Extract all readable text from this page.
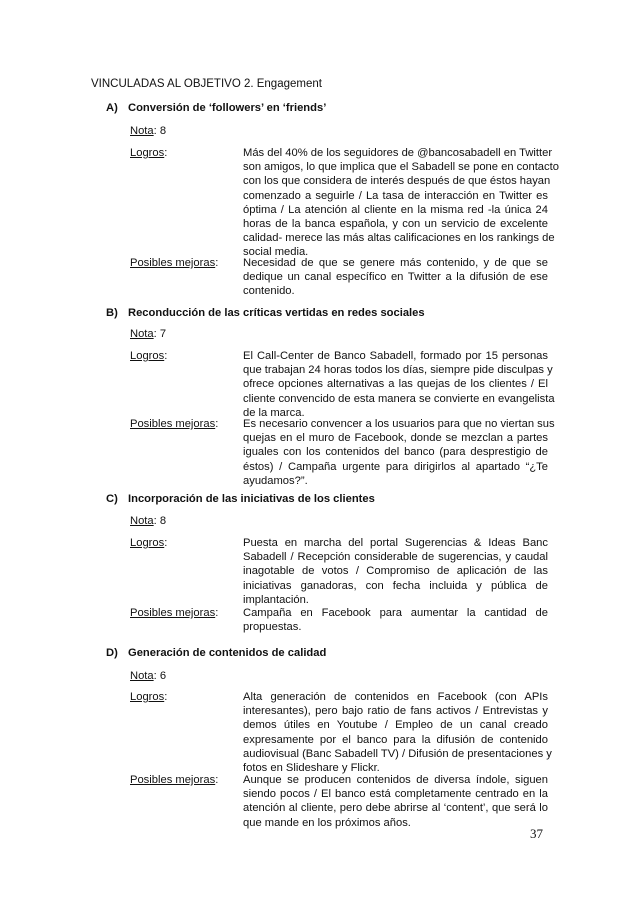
VINCULADAS AL OBJETIVO 2. Engagement
A) Conversión de ‘followers’ en ‘friends’
Nota: 8
Logros:	Más del 40% de los seguidores de @bancosabadell en Twitter
son amigos, lo que implica que el Sabadell se pone en contacto
con los que considera de interés después de que éstos hayan
comenzado a seguirle / La tasa de interacción en Twitter es
óptima / La atención al cliente en la misma red -la única 24
horas de la banca española, y con un servicio de excelente
calidad- merece las más altas calificaciones en los rankings de
social media.
Posibles mejoras: Necesidad de que se genere más contenido, y de que se
dedique un canal específico en Twitter a la difusión de ese
contenido.
B) Reconducción de las críticas vertidas en redes sociales
Nota: 7
Logros:	El Call-Center de Banco Sabadell, formado por 15 personas
que trabajan 24 horas todos los días, siempre pide disculpas y
ofrece opciones alternativas a las quejas de los clientes / El
cliente convencido de esta manera se convierte en evangelista
de la marca.
Posibles mejoras: Es necesario convencer a los usuarios para que no viertan sus
quejas en el muro de Facebook, donde se mezclan a partes
iguales con los contenidos del banco (para desprestigio de
éstos) / Campaña urgente para dirigirlos al apartado “¿Te
ayudamos?”.
C) Incorporación de las iniciativas de los clientes
Nota: 8
Logros:	Puesta en marcha del portal Sugerencias & Ideas Banc
Sabadell / Recepción considerable de sugerencias, y caudal
inagotable de votos / Compromiso de aplicación de las
iniciativas ganadoras, con fecha incluida y pública de
implantación.
Posibles mejoras: Campaña en Facebook para aumentar la cantidad de
propuestas.
D) Generación de contenidos de calidad
Nota: 6
Logros:	Alta generación de contenidos en Facebook (con APIs
interesantes), pero bajo ratio de fans activos / Entrevistas y
demos útiles en Youtube / Empleo de un canal creado
expresamente por el banco para la difusión de contenido
audiovisual (Banc Sabadell TV) / Difusión de presentaciones y
fotos en Slideshare y Flickr.
Posibles mejoras: Aunque se producen contenidos de diversa índole, siguen
siendo pocos / El banco está completamente centrado en la
atención al cliente, pero debe abrirse al ‘content’, que será lo
que mande en los próximos años.
37
